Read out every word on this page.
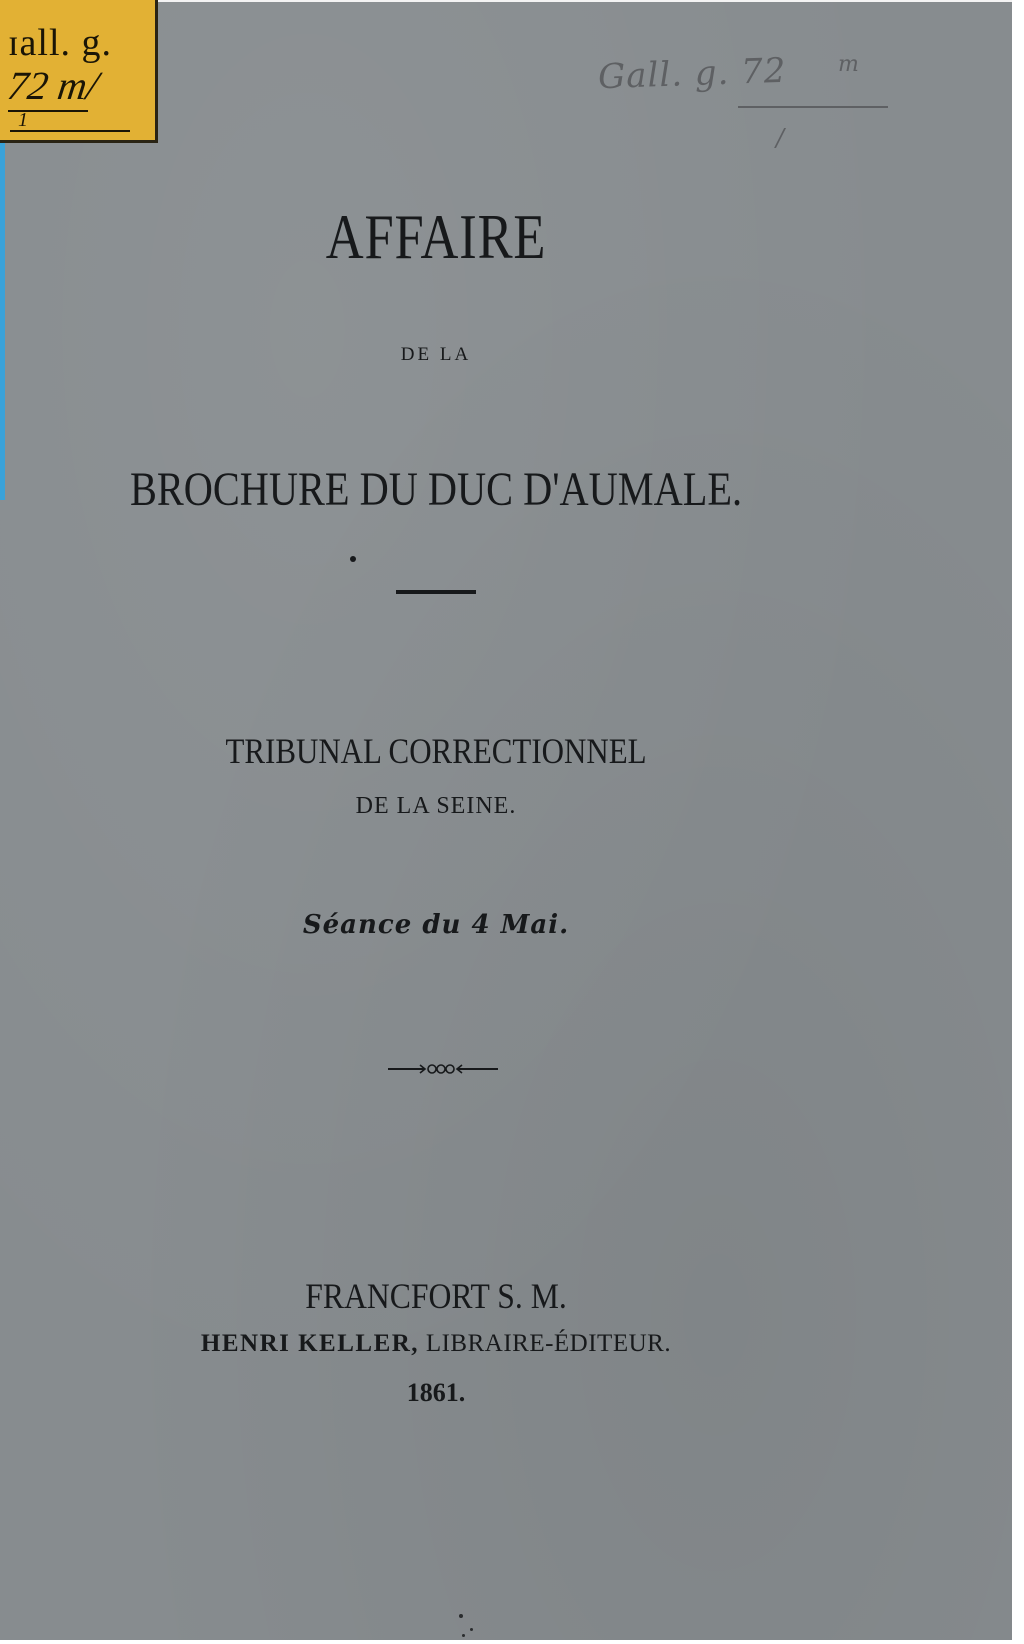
ɪall. g.
72 m/
1
Gall. g. 72 m
/
AFFAIRE
DE LA
BROCHURE DU DUC D'AUMALE.
TRIBUNAL CORRECTIONNEL
DE LA SEINE.
Séance du 4 Mai.
FRANCFORT S. M.
HENRI KELLER, LIBRAIRE-ÉDITEUR.
1861.
